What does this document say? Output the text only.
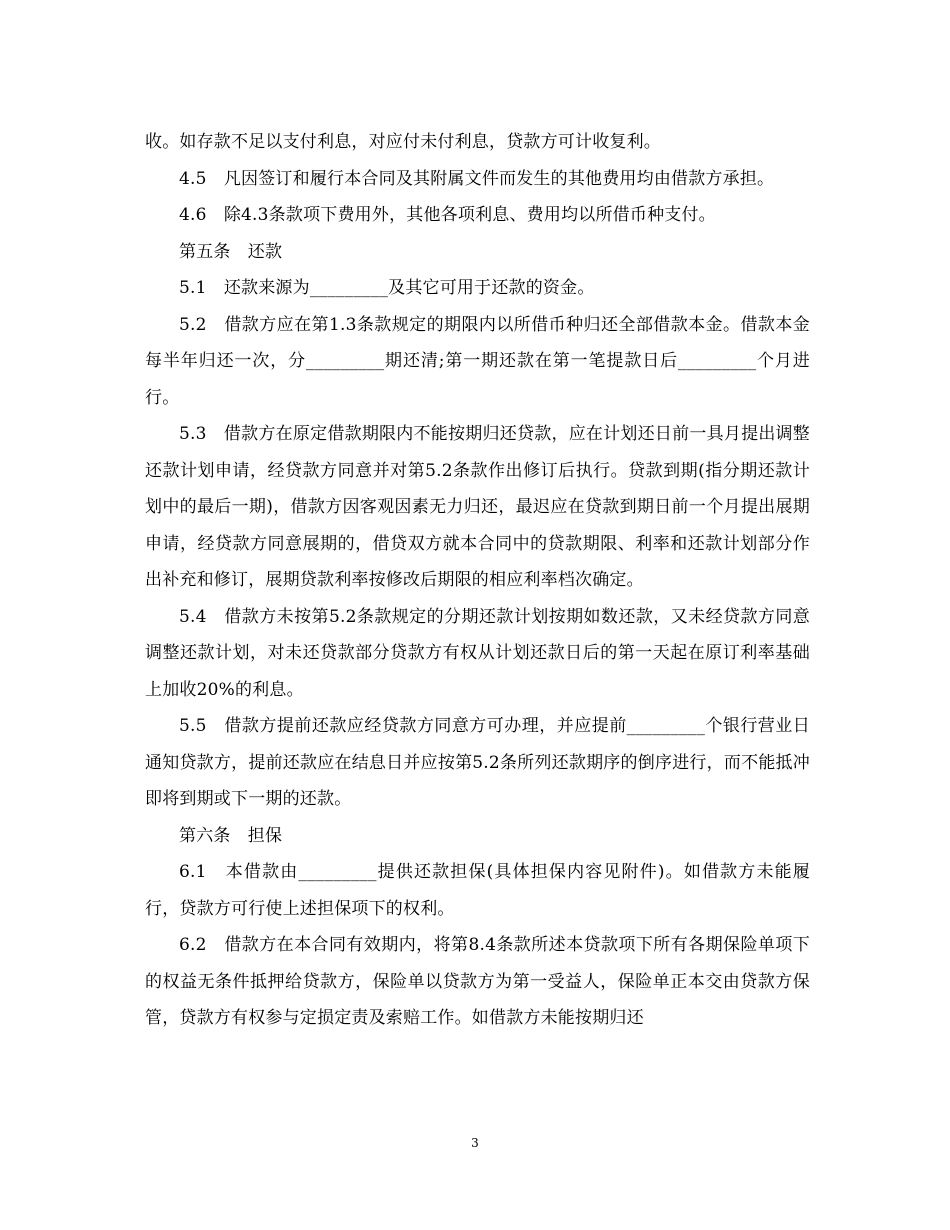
收。如存款不足以支付利息，对应付未付利息，贷款方可计收复利。

4.5　凡因签订和履行本合同及其附属文件而发生的其他费用均由借款方承担。

4.6　除4.3条款项下费用外，其他各项利息、费用均以所借币种支付。

第五条　还款

5.1　还款来源为_________及其它可用于还款的资金。

5.2　借款方应在第1.3条款规定的期限内以所借币种归还全部借款本金。借款本金每半年归还一次，分_________期还清;第一期还款在第一笔提款日后_________个月进行。

5.3　借款方在原定借款期限内不能按期归还贷款，应在计划还日前一具月提出调整还款计划申请，经贷款方同意并对第5.2条款作出修订后执行。贷款到期(指分期还款计划中的最后一期)，借款方因客观因素无力归还，最迟应在贷款到期日前一个月提出展期申请，经贷款方同意展期的，借贷双方就本合同中的贷款期限、利率和还款计划部分作出补充和修订，展期贷款利率按修改后期限的相应利率档次确定。

5.4　借款方未按第5.2条款规定的分期还款计划按期如数还款，又未经贷款方同意调整还款计划，对未还贷款部分贷款方有权从计划还款日后的第一天起在原订利率基础上加收20%的利息。

5.5　借款方提前还款应经贷款方同意方可办理，并应提前_________个银行营业日通知贷款方，提前还款应在结息日并应按第5.2条所列还款期序的倒序进行，而不能抵冲即将到期或下一期的还款。

第六条　担保

6.1　本借款由_________提供还款担保(具体担保内容见附件)。如借款方未能履行，贷款方可行使上述担保项下的权利。

6.2　借款方在本合同有效期内，将第8.4条款所述本贷款项下所有各期保险单项下的权益无条件抵押给贷款方，保险单以贷款方为第一受益人，保险单正本交由贷款方保管，贷款方有权参与定损定责及索赔工作。如借款方未能按期归还

3
